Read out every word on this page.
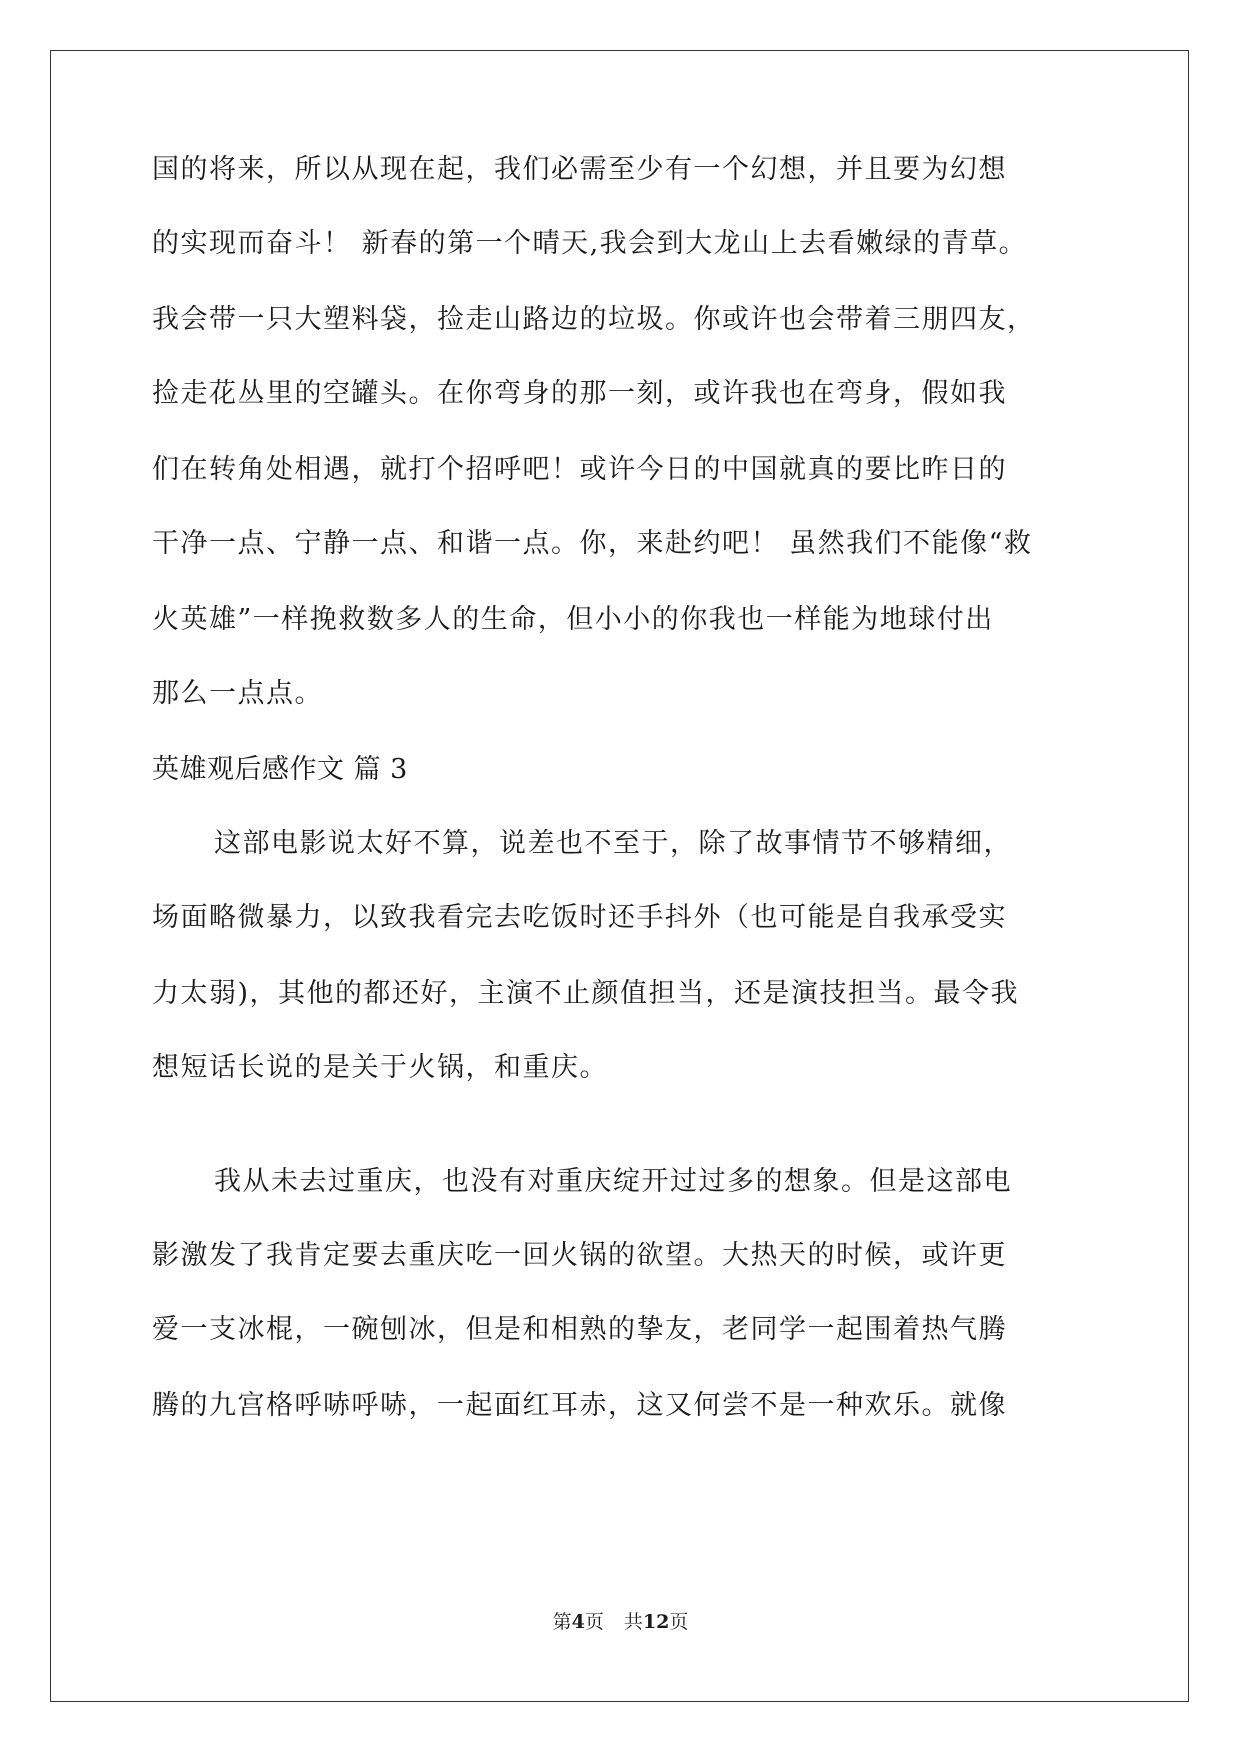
国的将来，所以从现在起，我们必需至少有一个幻想，并且要为幻想
的实现而奋斗！ 新春的第一个晴天,我会到大龙山上去看嫩绿的青草。
我会带一只大塑料袋，捡走山路边的垃圾。你或许也会带着三朋四友，
捡走花丛里的空罐头。在你弯身的那一刻，或许我也在弯身，假如我
们在转角处相遇，就打个招呼吧！或许今日的中国就真的要比昨日的
干净一点、宁静一点、和谐一点。你，来赴约吧！ 虽然我们不能像“救
火英雄”一样挽救数多人的生命，但小小的你我也一样能为地球付出
那么一点点。
英雄观后感作文 篇 3
这部电影说太好不算，说差也不至于，除了故事情节不够精细，
场面略微暴力，以致我看完去吃饭时还手抖外（也可能是自我承受实
力太弱)，其他的都还好，主演不止颜值担当，还是演技担当。最令我
想短话长说的是关于火锅，和重庆。
我从未去过重庆，也没有对重庆绽开过过多的想象。但是这部电
影激发了我肯定要去重庆吃一回火锅的欲望。大热天的时候，或许更
爱一支冰棍，一碗刨冰，但是和相熟的挚友，老同学一起围着热气腾
腾的九宫格呼哧呼哧，一起面红耳赤，这又何尝不是一种欢乐。就像
第4页 共12页
